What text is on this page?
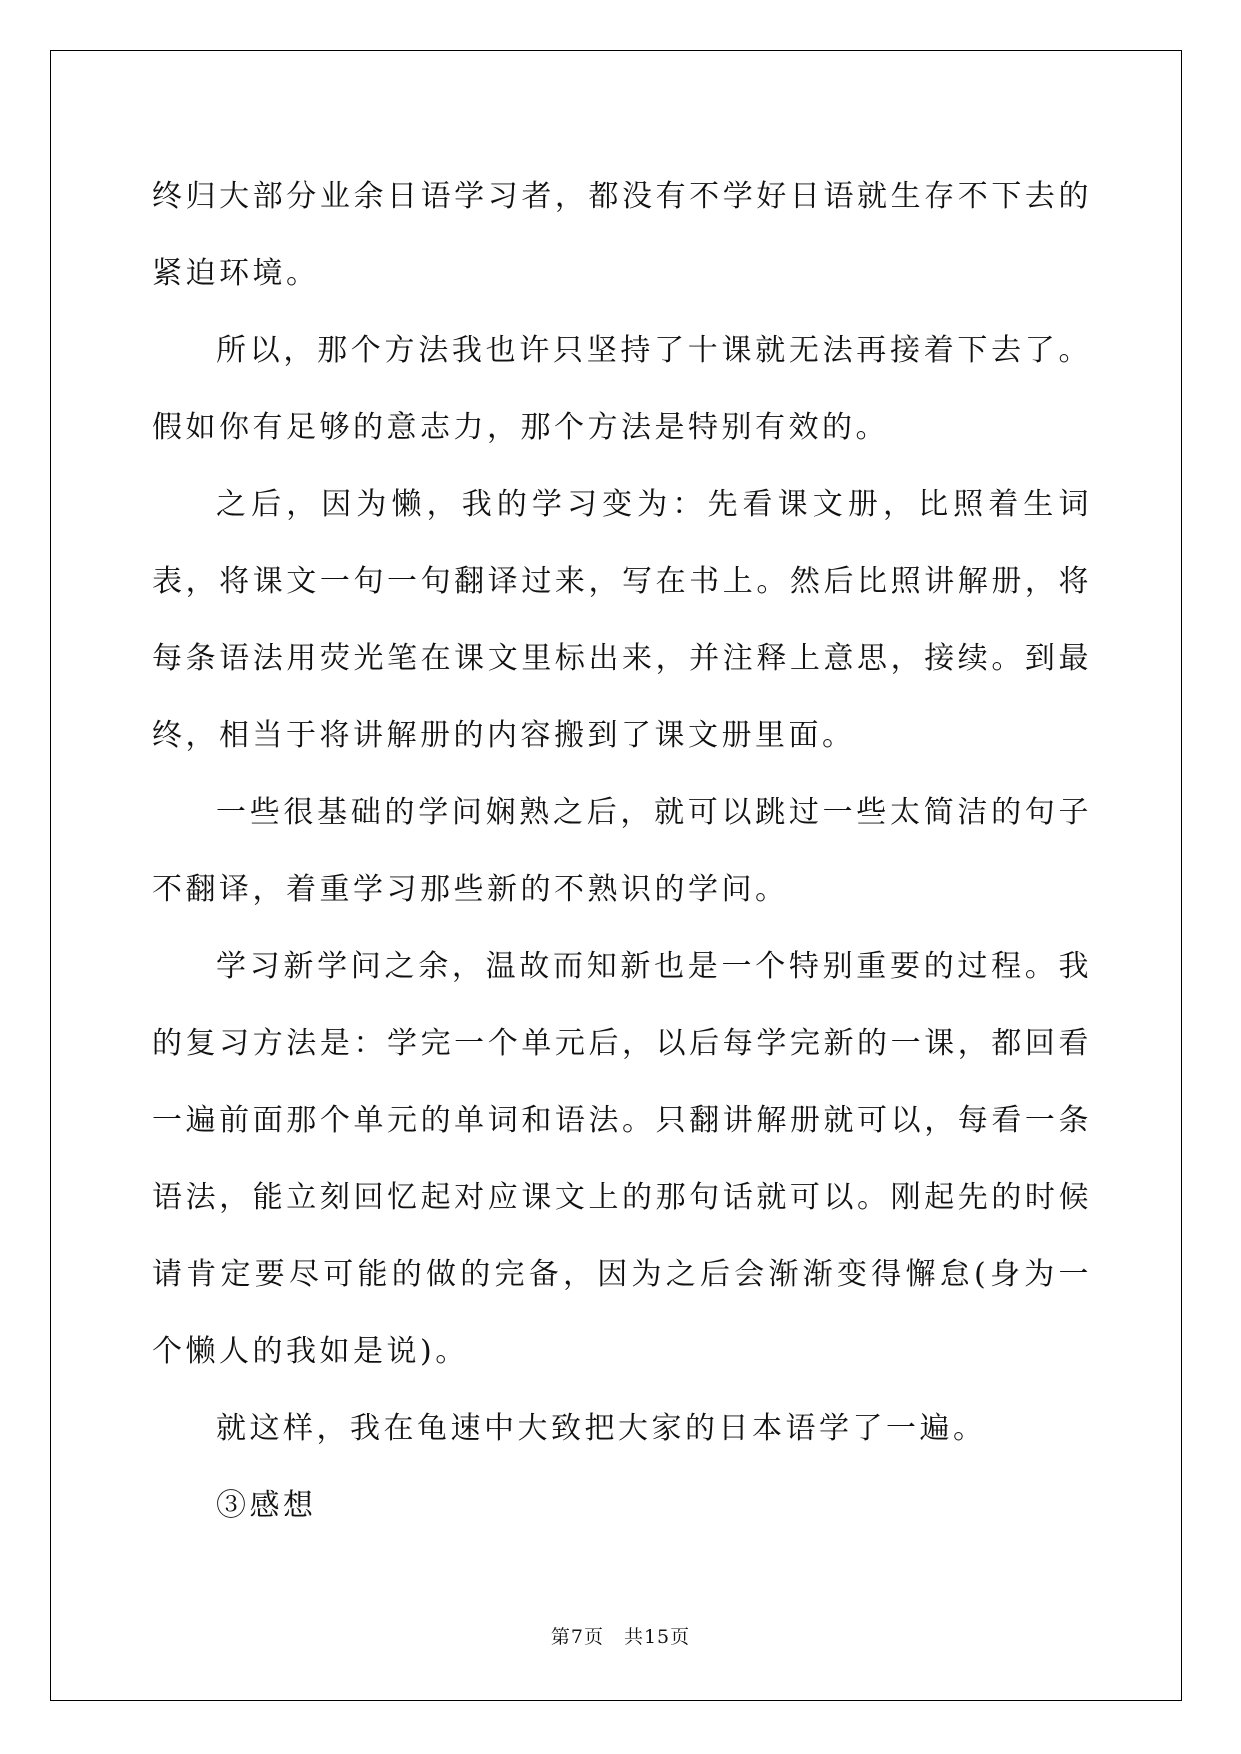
终归大部分业余日语学习者，都没有不学好日语就生存不下去的紧迫环境。

所以，那个方法我也许只坚持了十课就无法再接着下去了。假如你有足够的意志力，那个方法是特别有效的。

之后，因为懒，我的学习变为：先看课文册，比照着生词表，将课文一句一句翻译过来，写在书上。然后比照讲解册，将每条语法用荧光笔在课文里标出来，并注释上意思，接续。到最终，相当于将讲解册的内容搬到了课文册里面。

一些很基础的学问娴熟之后，就可以跳过一些太简洁的句子不翻译，着重学习那些新的不熟识的学问。

学习新学问之余，温故而知新也是一个特别重要的过程。我的复习方法是：学完一个单元后，以后每学完新的一课，都回看一遍前面那个单元的单词和语法。只翻讲解册就可以，每看一条语法，能立刻回忆起对应课文上的那句话就可以。刚起先的时候请肯定要尽可能的做的完备，因为之后会渐渐变得懈怠(身为一个懒人的我如是说)。

就这样，我在龟速中大致把大家的日本语学了一遍。

③感想

第7页　共15页
